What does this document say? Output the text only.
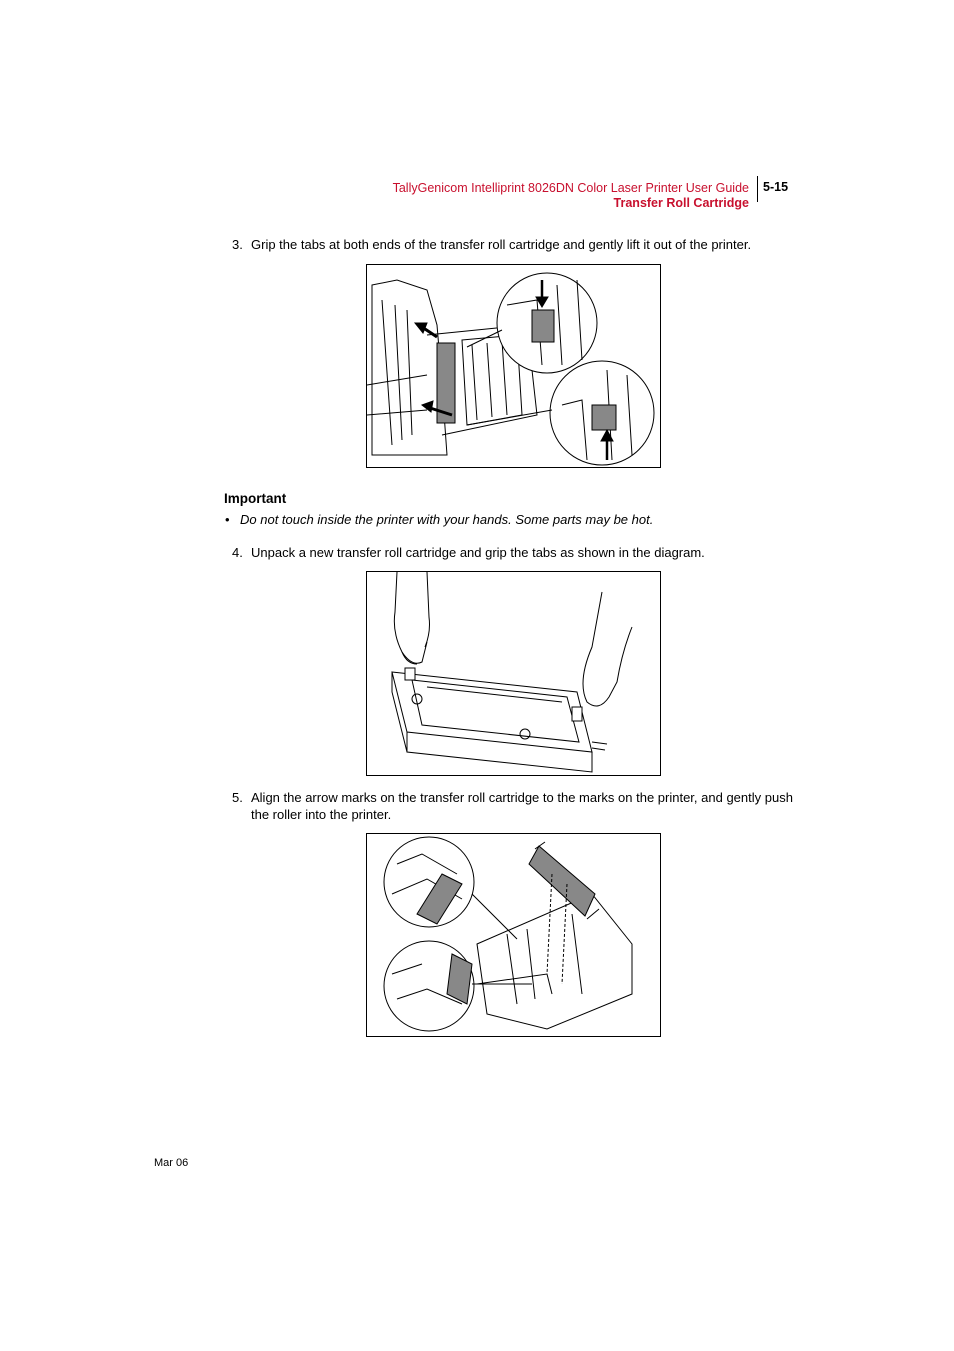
TallyGenicom Intelliprint 8026DN Color Laser Printer User Guide
Transfer Roll Cartridge
5-15
3. Grip the tabs at both ends of the transfer roll cartridge and gently lift it out of the printer.
Important
• Do not touch inside the printer with your hands. Some parts may be hot.
4. Unpack a new transfer roll cartridge and grip the tabs as shown in the diagram.
5. Align the arrow marks on the transfer roll cartridge to the marks on the printer, and gently push the roller into the printer.
Mar 06
